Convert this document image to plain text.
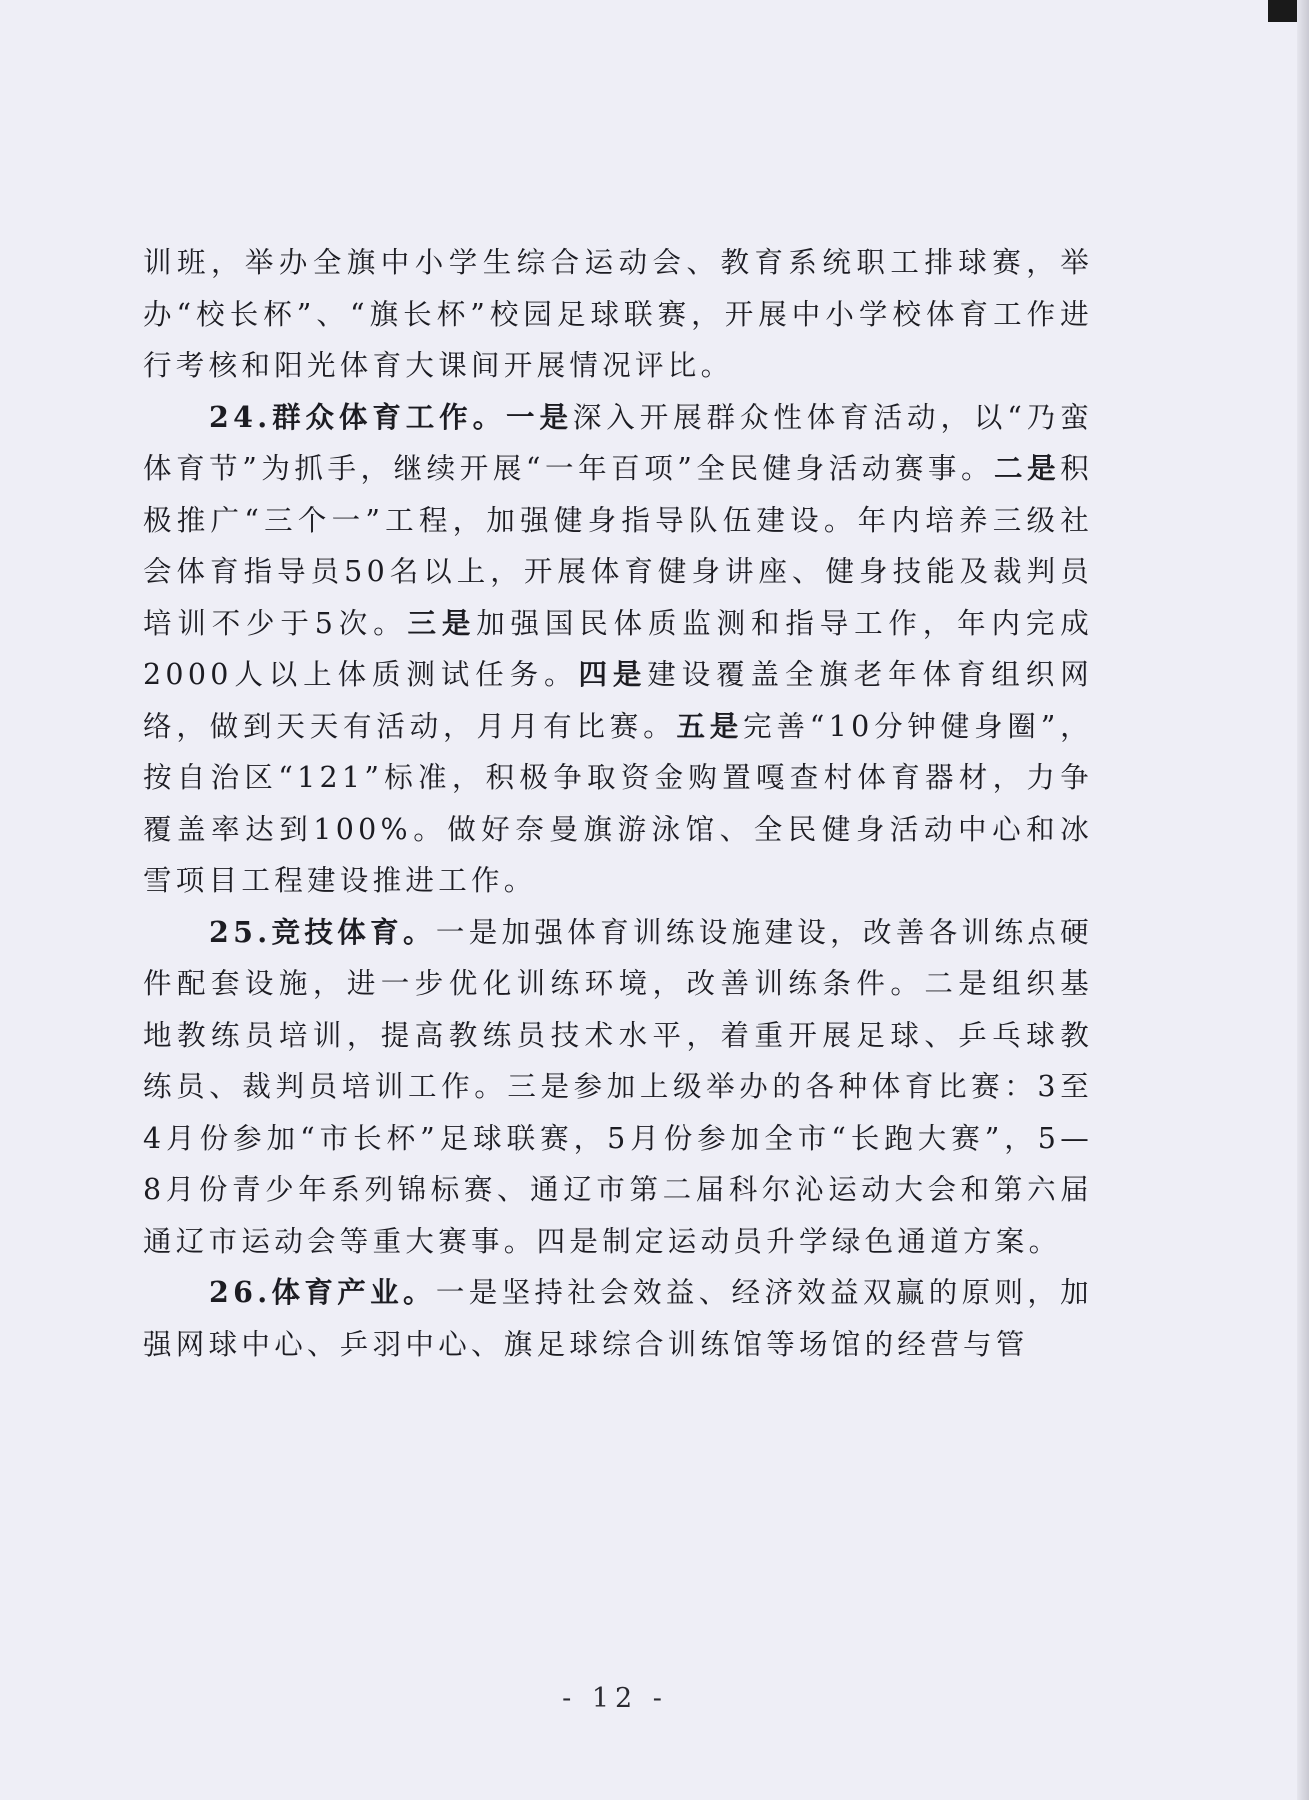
训班，举办全旗中小学生综合运动会、教育系统职工排球赛，举办“校长杯”、“旗长杯”校园足球联赛，开展中小学校体育工作进行考核和阳光体育大课间开展情况评比。

24.群众体育工作。一是深入开展群众性体育活动，以“乃蛮体育节”为抓手，继续开展“一年百项”全民健身活动赛事。二是积极推广“三个一”工程，加强健身指导队伍建设。年内培养三级社会体育指导员50名以上，开展体育健身讲座、健身技能及裁判员培训不少于5次。三是加强国民体质监测和指导工作，年内完成2000人以上体质测试任务。四是建设覆盖全旗老年体育组织网络，做到天天有活动，月月有比赛。五是完善“10分钟健身圈”，按自治区“121”标准，积极争取资金购置嘎查村体育器材，力争覆盖率达到100%。做好奈曼旗游泳馆、全民健身活动中心和冰雪项目工程建设推进工作。

25.竞技体育。一是加强体育训练设施建设，改善各训练点硬件配套设施，进一步优化训练环境，改善训练条件。二是组织基地教练员培训，提高教练员技术水平，着重开展足球、乒乓球教练员、裁判员培训工作。三是参加上级举办的各种体育比赛：3至4月份参加“市长杯”足球联赛，5月份参加全市“长跑大赛”，5—8月份青少年系列锦标赛、通辽市第二届科尔沁运动大会和第六届通辽市运动会等重大赛事。四是制定运动员升学绿色通道方案。

26.体育产业。一是坚持社会效益、经济效益双赢的原则，加强网球中心、乒羽中心、旗足球综合训练馆等场馆的经营与管

- 12 -
